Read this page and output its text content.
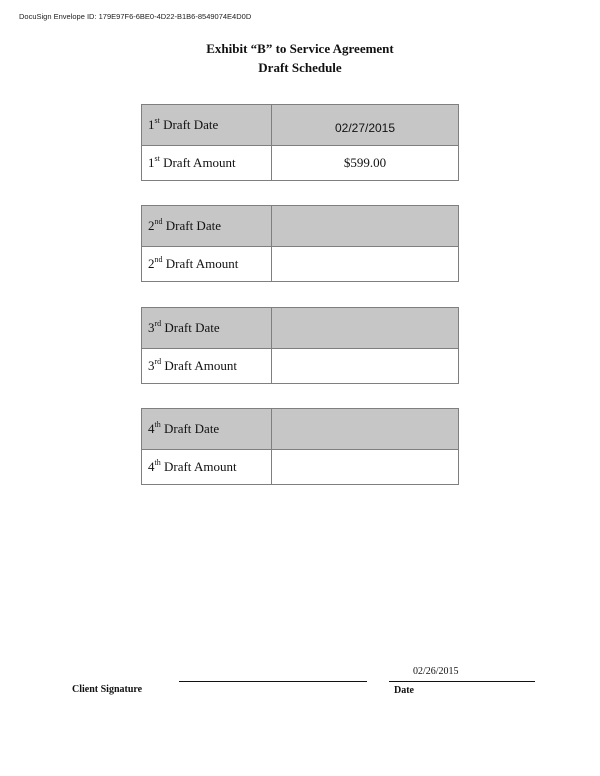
DocuSign Envelope ID: 179E97F6-6BE0-4D22-B1B6-8549074E4D0D
Exhibit “B” to Service Agreement
Draft Schedule
1st Draft Date	02/27/2015
1st Draft Amount	$599.00
2nd Draft Date	
2nd Draft Amount	
3rd Draft Date	
3rd Draft Amount	
4th Draft Date	
4th Draft Amount	
Client Signature
02/26/2015
Date
